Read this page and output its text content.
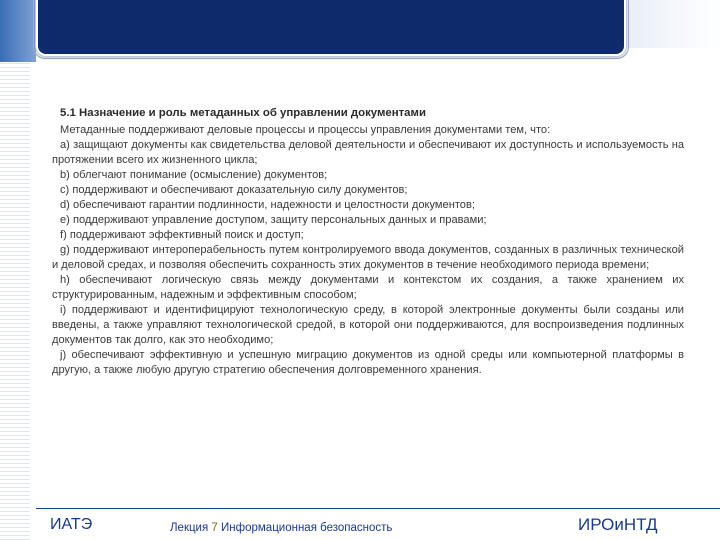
5.1 Назначение и роль метаданных об управлении документами

Метаданные поддерживают деловые процессы и процессы управления документами тем, что:

а) защищают документы как свидетельства деловой деятельности и обеспечивают их доступность и используемость на протяжении всего их жизненного цикла;

b) облегчают понимание (осмысление) документов;

c) поддерживают и обеспечивают доказательную силу документов;

d) обеспечивают гарантии подлинности, надежности и целостности документов;

e) поддерживают управление доступом, защиту персональных данных и правами;

f) поддерживают эффективный поиск и доступ;

g) поддерживают интероперабельность путем контролируемого ввода документов, созданных в различных технической и деловой средах, и позволяя обеспечить сохранность этих документов в течение необходимого периода времени;

h) обеспечивают логическую связь между документами и контекстом их создания, а также хранением их структурированным, надежным и эффективным способом;

i) поддерживают и идентифицируют технологическую среду, в которой электронные документы были созданы или введены, а также управляют технологической средой, в которой они поддерживаются, для воспроизведения подлинных документов так долго, как это необходимо;

j) обеспечивают эффективную и успешную миграцию документов из одной среды или компьютерной платформы в другую, а также любую другую стратегию обеспечения долговременного хранения.

ИАТЭ	Лекция 7 Информационная безопасность	ИРОиНТД
